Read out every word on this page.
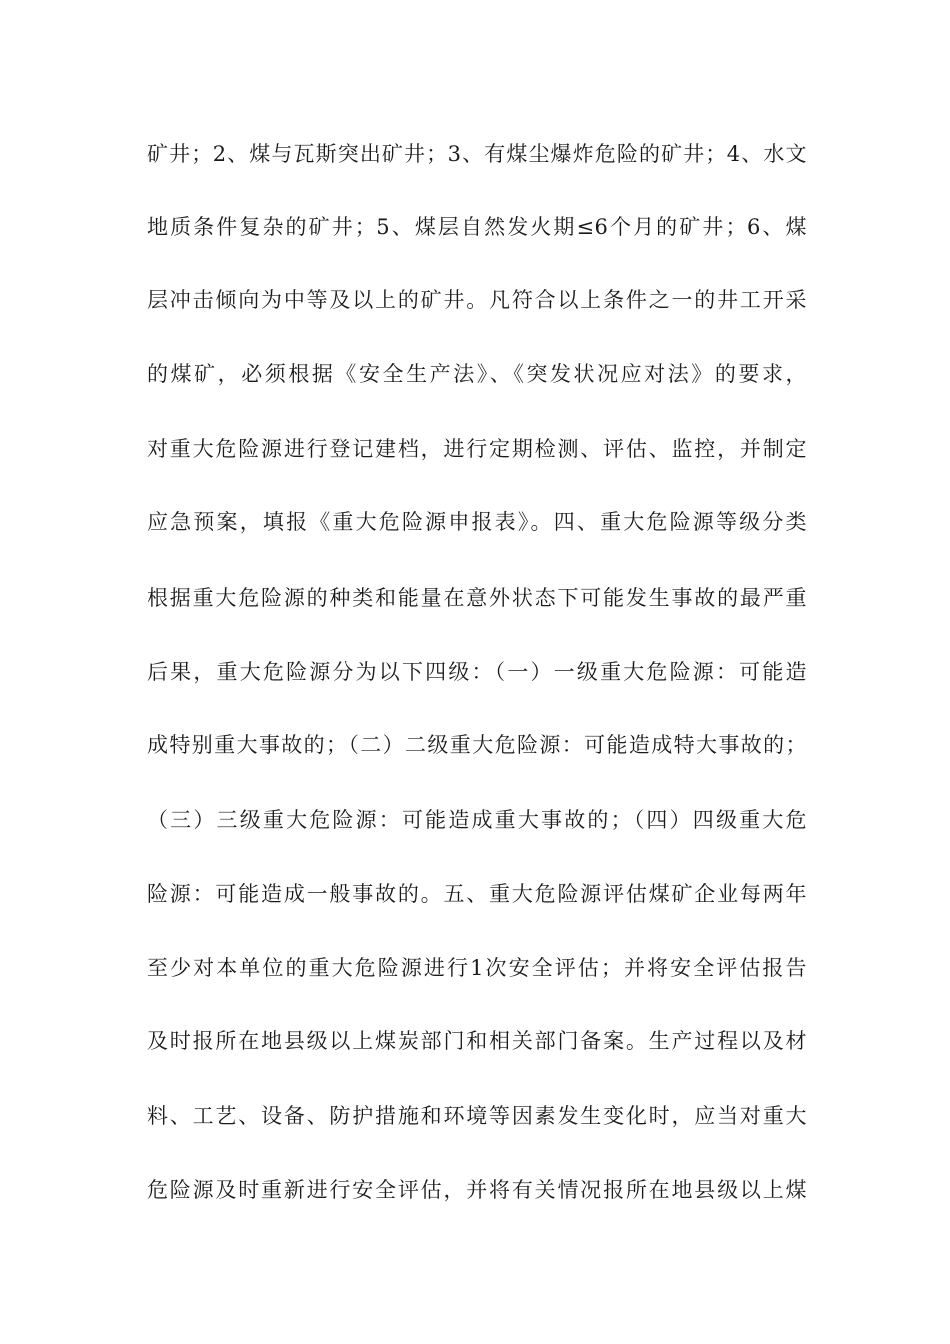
矿井；2、煤与瓦斯突出矿井；3、有煤尘爆炸危险的矿井；4、水文
地质条件复杂的矿井；5、煤层自然发火期≤6个月的矿井；6、煤
层冲击倾向为中等及以上的矿井。凡符合以上条件之一的井工开采
的煤矿，必须根据《安全生产法》、《突发状况应对法》的要求，
对重大危险源进行登记建档，进行定期检测、评估、监控，并制定
应急预案，填报《重大危险源申报表》。四、重大危险源等级分类
根据重大危险源的种类和能量在意外状态下可能发生事故的最严重
后果，重大危险源分为以下四级：（一）一级重大危险源：可能造
成特别重大事故的；（二）二级重大危险源：可能造成特大事故的；
（三）三级重大危险源：可能造成重大事故的；（四）四级重大危
险源：可能造成一般事故的。五、重大危险源评估煤矿企业每两年
至少对本单位的重大危险源进行1次安全评估；并将安全评估报告
及时报所在地县级以上煤炭部门和相关部门备案。生产过程以及材
料、工艺、设备、防护措施和环境等因素发生变化时，应当对重大
危险源及时重新进行安全评估，并将有关情况报所在地县级以上煤
